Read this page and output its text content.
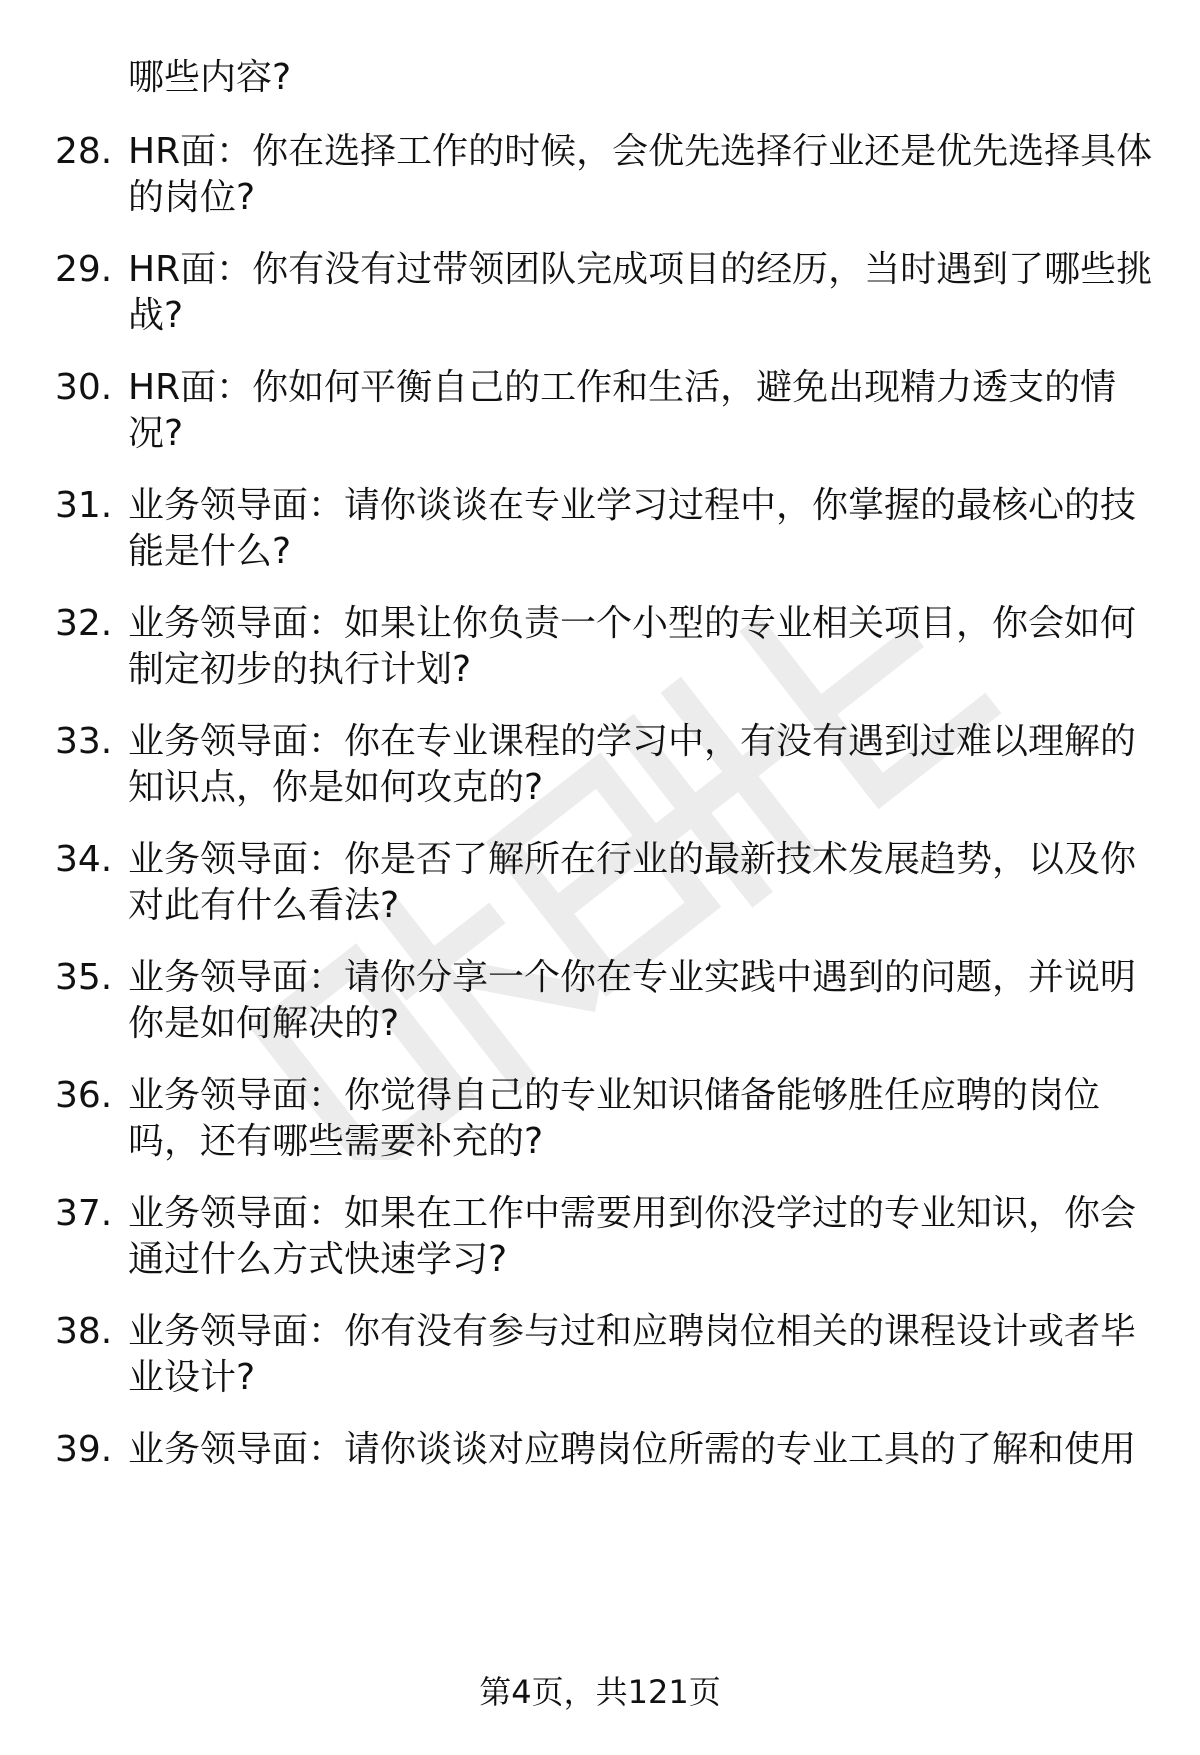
哪些内容?
28. HR面：你在选择工作的时候，会优先选择行业还是优先选择具体
的岗位?
29. HR面：你有没有过带领团队完成项目的经历，当时遇到了哪些挑
战?
30. HR面：你如何平衡自己的工作和生活，避免出现精力透支的情
况?
31. 业务领导面：请你谈谈在专业学习过程中，你掌握的最核心的技
能是什么?
32. 业务领导面：如果让你负责一个小型的专业相关项目，你会如何
制定初步的执行计划?
33. 业务领导面：你在专业课程的学习中，有没有遇到过难以理解的
知识点，你是如何攻克的?
34. 业务领导面：你是否了解所在行业的最新技术发展趋势，以及你
对此有什么看法?
35. 业务领导面：请你分享一个你在专业实践中遇到的问题，并说明
你是如何解决的?
36. 业务领导面：你觉得自己的专业知识储备能够胜任应聘的岗位
吗，还有哪些需要补充的?
37. 业务领导面：如果在工作中需要用到你没学过的专业知识，你会
通过什么方式快速学习?
38. 业务领导面：你有没有参与过和应聘岗位相关的课程设计或者毕
业设计?
39. 业务领导面：请你谈谈对应聘岗位所需的专业工具的了解和使用
第4页，共121页
